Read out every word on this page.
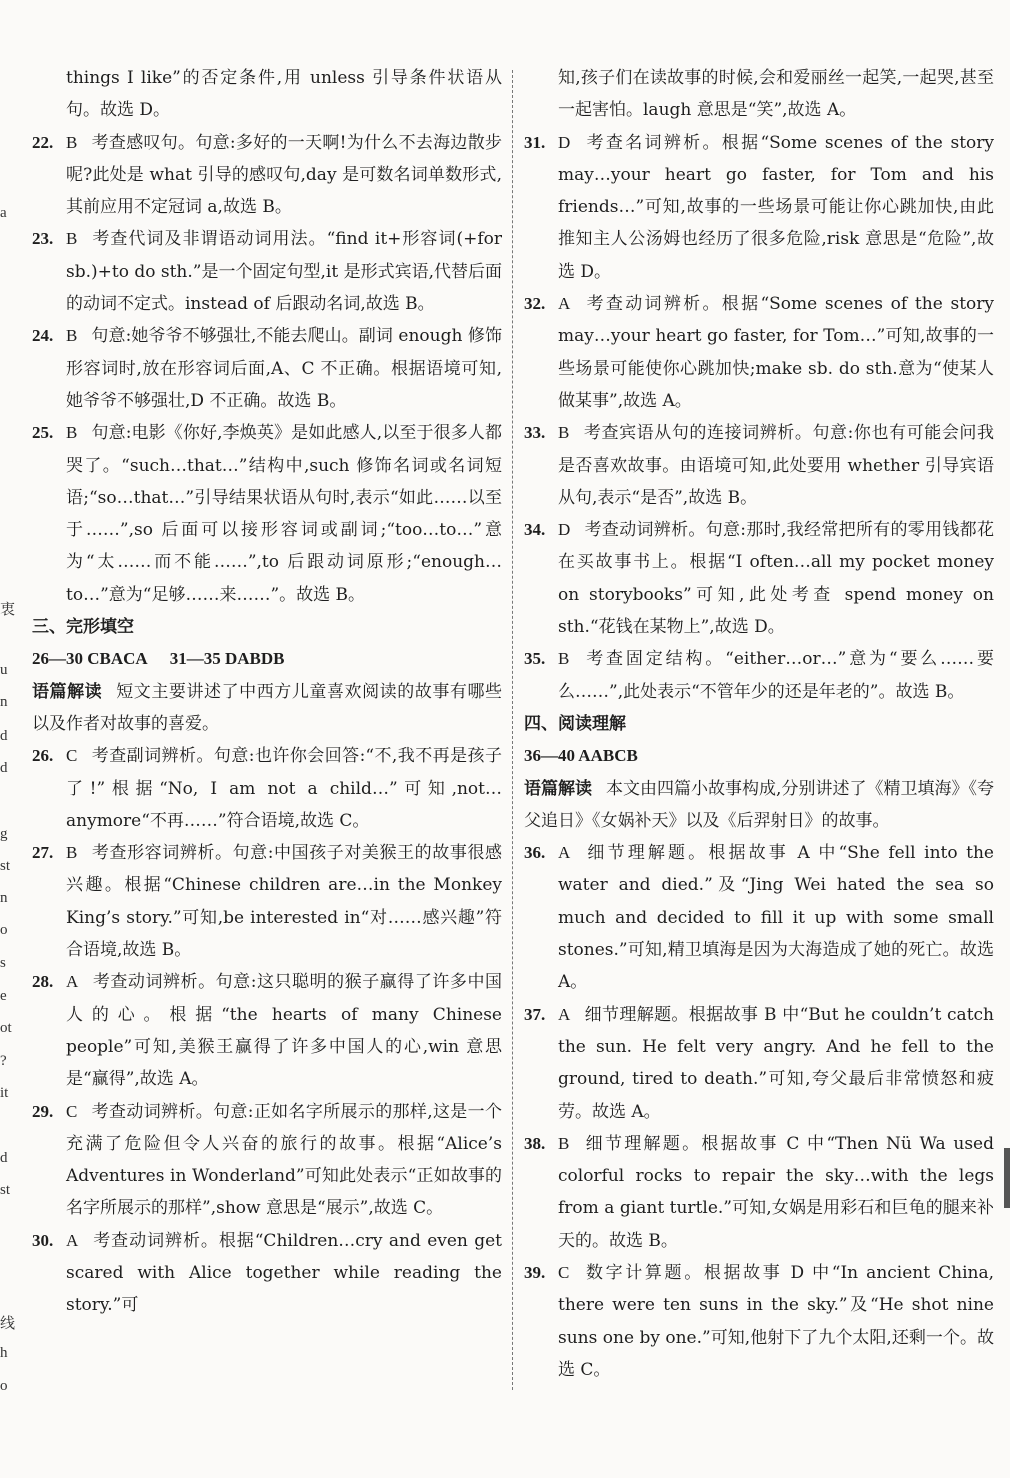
a
衷
u
n
d
d
g
st
n
o
s
e
ot
?
it
d
st
线
h
o
things I like”的否定条件,用 unless 引导条件状语从句。故选 D。
22. B 考查感叹句。句意:多好的一天啊!为什么不去海边散步呢?此处是 what 引导的感叹句,day 是可数名词单数形式,其前应用不定冠词 a,故选 B。
23. B 考查代词及非谓语动词用法。“find it+形容词(+for sb.)+to do sth.”是一个固定句型,it 是形式宾语,代替后面的动词不定式。instead of 后跟动名词,故选 B。
24. B 句意:她爷爷不够强壮,不能去爬山。副词 enough 修饰形容词时,放在形容词后面,A、C 不正确。根据语境可知,她爷爷不够强壮,D 不正确。故选 B。
25. B 句意:电影《你好,李焕英》是如此感人,以至于很多人都哭了。“such…that…”结构中,such 修饰名词或名词短语;“so…that…”引导结果状语从句时,表示“如此……以至于……”,so 后面可以接形容词或副词;“too…to…”意为“太……而不能……”,to 后跟动词原形;“enough…to…”意为“足够……来……”。故选 B。
三、完形填空
26—30 CBACA 31—35 DABDB
语篇解读 短文主要讲述了中西方儿童喜欢阅读的故事有哪些以及作者对故事的喜爱。
26. C 考查副词辨析。句意:也许你会回答:“不,我不再是孩子了!”根据“No, I am not a child…”可知,not…anymore“不再……”符合语境,故选 C。
27. B 考查形容词辨析。句意:中国孩子对美猴王的故事很感兴趣。根据“Chinese children are…in the Monkey King’s story.”可知,be interested in“对……感兴趣”符合语境,故选 B。
28. A 考查动词辨析。句意:这只聪明的猴子赢得了许多中国人的心。根据“the hearts of many Chinese people”可知,美猴王赢得了许多中国人的心,win 意思是“赢得”,故选 A。
29. C 考查动词辨析。句意:正如名字所展示的那样,这是一个充满了危险但令人兴奋的旅行的故事。根据“Alice’s Adventures in Wonderland”可知此处表示“正如故事的名字所展示的那样”,show 意思是“展示”,故选 C。
30. A 考查动词辨析。根据“Children…cry and even get scared with Alice together while reading the story.”可
知,孩子们在读故事的时候,会和爱丽丝一起笑,一起哭,甚至一起害怕。laugh 意思是“笑”,故选 A。
31. D 考查名词辨析。根据“Some scenes of the story may…your heart go faster, for Tom and his friends…”可知,故事的一些场景可能让你心跳加快,由此推知主人公汤姆也经历了很多危险,risk 意思是“危险”,故选 D。
32. A 考查动词辨析。根据“Some scenes of the story may…your heart go faster, for Tom…”可知,故事的一些场景可能使你心跳加快;make sb. do sth.意为“使某人做某事”,故选 A。
33. B 考查宾语从句的连接词辨析。句意:你也有可能会问我是否喜欢故事。由语境可知,此处要用 whether 引导宾语从句,表示“是否”,故选 B。
34. D 考查动词辨析。句意:那时,我经常把所有的零用钱都花在买故事书上。根据“I often…all my pocket money on storybooks”可知,此处考查 spend money on sth.“花钱在某物上”,故选 D。
35. B 考查固定结构。“either…or…”意为“要么……要么……”,此处表示“不管年少的还是年老的”。故选 B。
四、阅读理解
36—40 AABCB
语篇解读 本文由四篇小故事构成,分别讲述了《精卫填海》《夸父追日》《女娲补天》以及《后羿射日》的故事。
36. A 细节理解题。根据故事 A 中“She fell into the water and died.”及“Jing Wei hated the sea so much and decided to fill it up with some small stones.”可知,精卫填海是因为大海造成了她的死亡。故选 A。
37. A 细节理解题。根据故事 B 中“But he couldn’t catch the sun. He felt very angry. And he fell to the ground, tired to death.”可知,夸父最后非常愤怒和疲劳。故选 A。
38. B 细节理解题。根据故事 C 中“Then Nü Wa used colorful rocks to repair the sky…with the legs from a giant turtle.”可知,女娲是用彩石和巨龟的腿来补天的。故选 B。
39. C 数字计算题。根据故事 D 中“In ancient China, there were ten suns in the sky.”及“He shot nine suns one by one.”可知,他射下了九个太阳,还剩一个。故选 C。
